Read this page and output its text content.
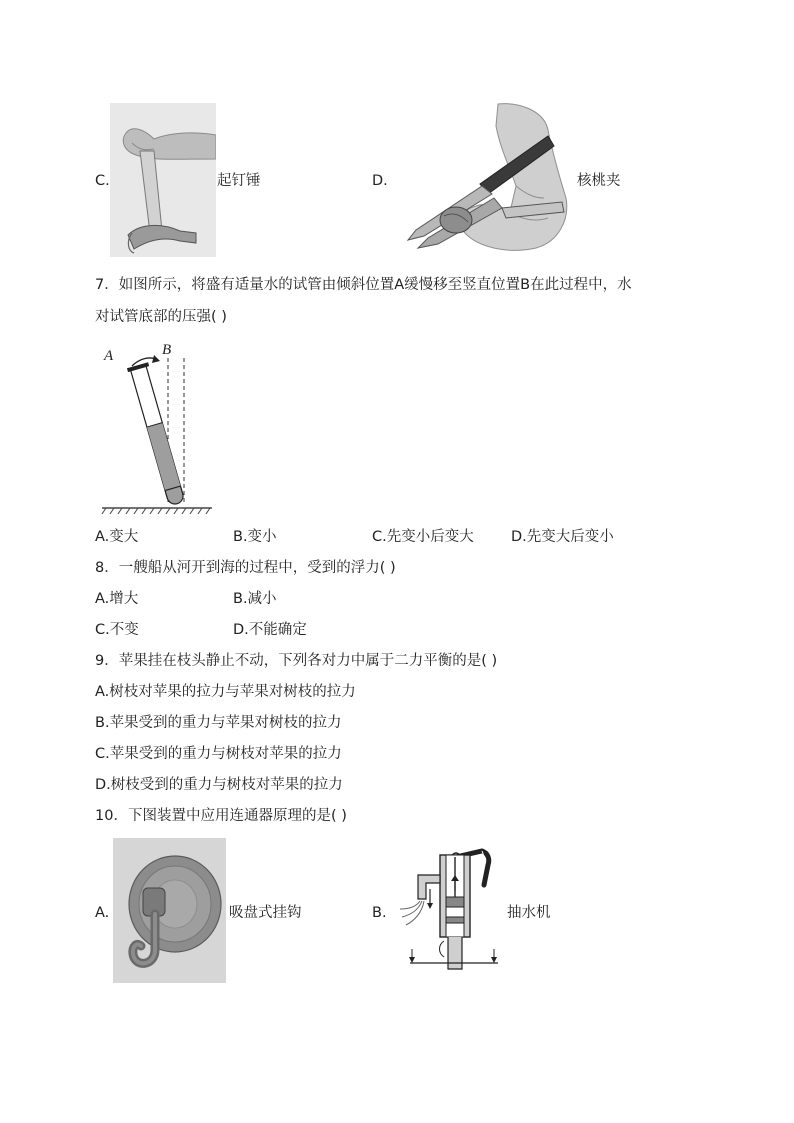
C.	起钉锤	D.	核桃夹
7．如图所示，将盛有适量水的试管由倾斜位置A缓慢移至竖直位置B在此过程中，水
对试管底部的压强( )
A	B
A.变大	B.变小	C.先变小后变大	D.先变大后变小
8．一艘船从河开到海的过程中，受到的浮力( )
A.增大	B.减小
C.不变	D.不能确定
9．苹果挂在枝头静止不动，下列各对力中属于二力平衡的是( )
A.树枝对苹果的拉力与苹果对树枝的拉力
B.苹果受到的重力与苹果对树枝的拉力
C.苹果受到的重力与树枝对苹果的拉力
D.树枝受到的重力与树枝对苹果的拉力
10．下图装置中应用连通器原理的是( )
A.	吸盘式挂钩	B.	抽水机
